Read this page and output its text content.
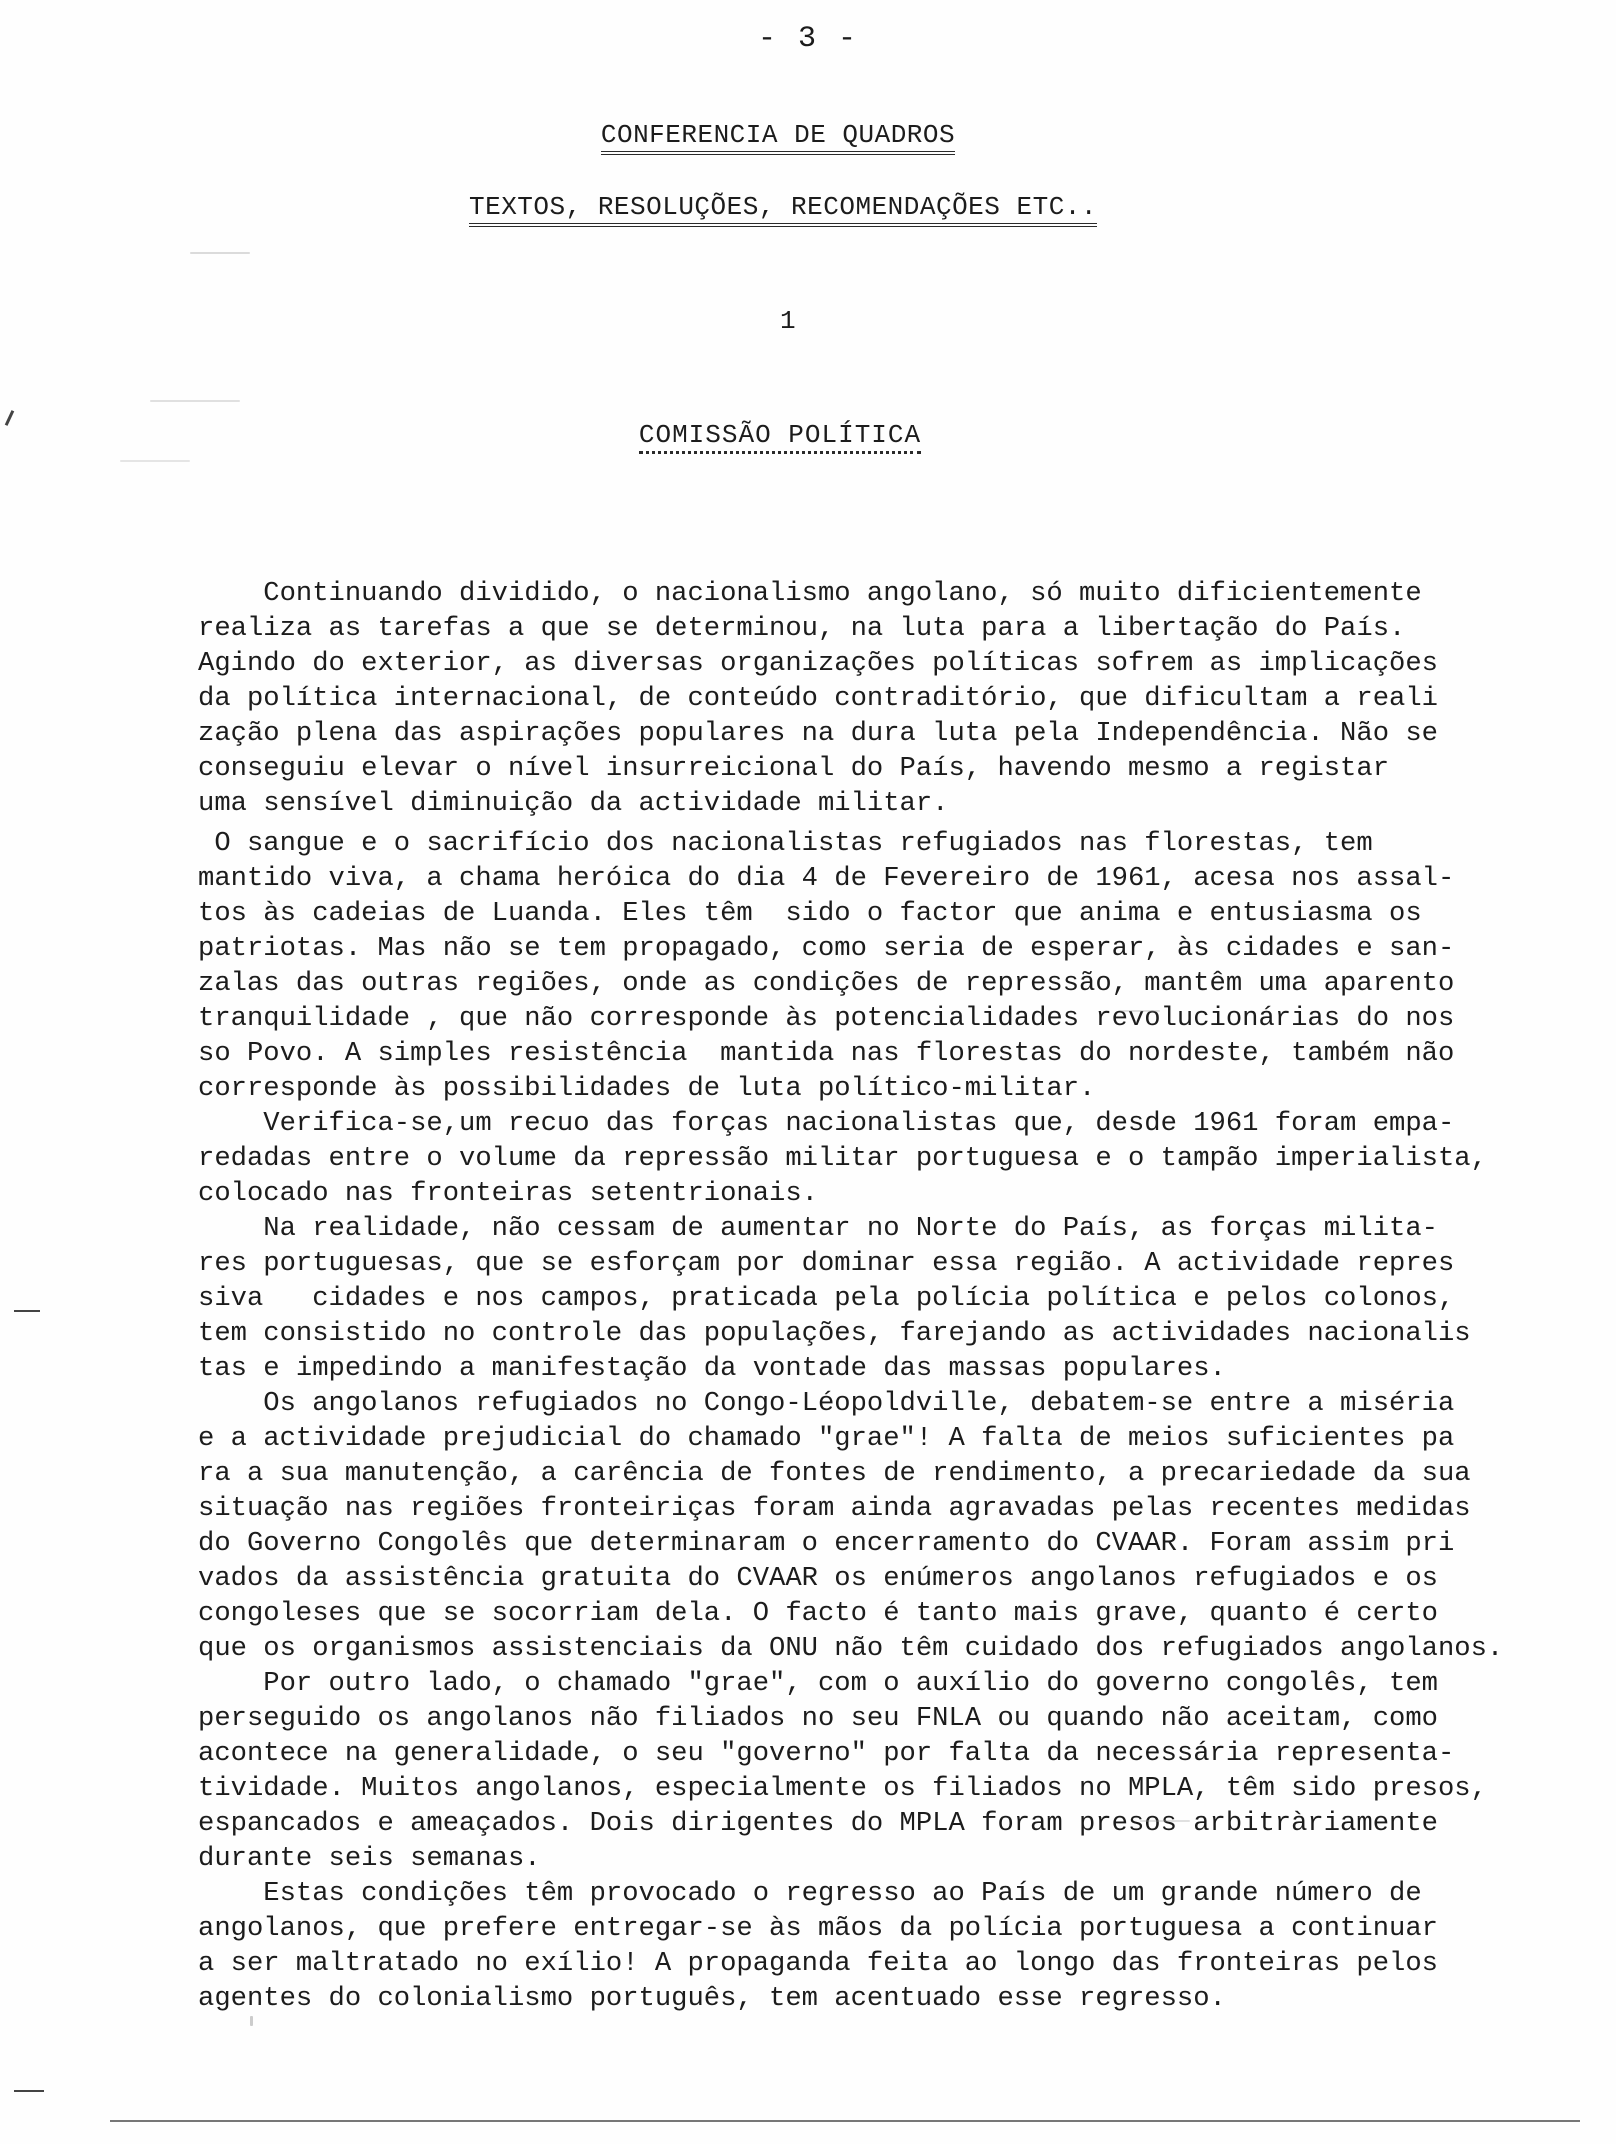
- 3 -
CONFERENCIA DE QUADROS
TEXTOS, RESOLUÇÕES, RECOMENDAÇÕES ETC..
1
COMISSÃO POLÍTICA
Continuando dividido, o nacionalismo angolano, só muito dificientemente
realiza as tarefas a que se determinou, na luta para a libertação do País.
Agindo do exterior, as diversas organizações políticas sofrem as implicações
da política internacional, de conteúdo contraditório, que dificultam a reali
zação plena das aspirações populares na dura luta pela Independência. Não se
conseguiu elevar o nível insurreicional do País, havendo mesmo a registar
uma sensível diminuição da actividade militar.
O sangue e o sacrifício dos nacionalistas refugiados nas florestas, tem
mantido viva, a chama heróica do dia 4 de Fevereiro de 1961, acesa nos assal-
tos às cadeias de Luanda. Eles têm  sido o factor que anima e entusiasma os
patriotas. Mas não se tem propagado, como seria de esperar, às cidades e san-
zalas das outras regiões, onde as condições de repressão, mantêm uma aparento
tranquilidade , que não corresponde às potencialidades revolucionárias do nos
so Povo. A simples resistência  mantida nas florestas do nordeste, também não
corresponde às possibilidades de luta político-militar.
Verifica-se,um recuo das forças nacionalistas que, desde 1961 foram empa-
redadas entre o volume da repressão militar portuguesa e o tampão imperialista,
colocado nas fronteiras setentrionais.
Na realidade, não cessam de aumentar no Norte do País, as forças milita-
res portuguesas, que se esforçam por dominar essa região. A actividade repres
siva   cidades e nos campos, praticada pela polícia política e pelos colonos,
tem consistido no controle das populações, farejando as actividades nacionalis
tas e impedindo a manifestação da vontade das massas populares.
Os angolanos refugiados no Congo-Léopoldville, debatem-se entre a miséria
e a actividade prejudicial do chamado "grae"! A falta de meios suficientes pa
ra a sua manutenção, a carência de fontes de rendimento, a precariedade da sua
situação nas regiões fronteiriças foram ainda agravadas pelas recentes medidas
do Governo Congolês que determinaram o encerramento do CVAAR. Foram assim pri
vados da assistência gratuita do CVAAR os enúmeros angolanos refugiados e os
congoleses que se socorriam dela. O facto é tanto mais grave, quanto é certo
que os organismos assistenciais da ONU não têm cuidado dos refugiados angolanos.
Por outro lado, o chamado "grae", com o auxílio do governo congolês, tem
perseguido os angolanos não filiados no seu FNLA ou quando não aceitam, como
acontece na generalidade, o seu "governo" por falta da necessária representa-
tividade. Muitos angolanos, especialmente os filiados no MPLA, têm sido presos,
espancados e ameaçados. Dois dirigentes do MPLA foram presos arbitràriamente
durante seis semanas.
Estas condições têm provocado o regresso ao País de um grande número de
angolanos, que prefere entregar-se às mãos da polícia portuguesa a continuar
a ser maltratado no exílio! A propaganda feita ao longo das fronteiras pelos
agentes do colonialismo português, tem acentuado esse regresso.
